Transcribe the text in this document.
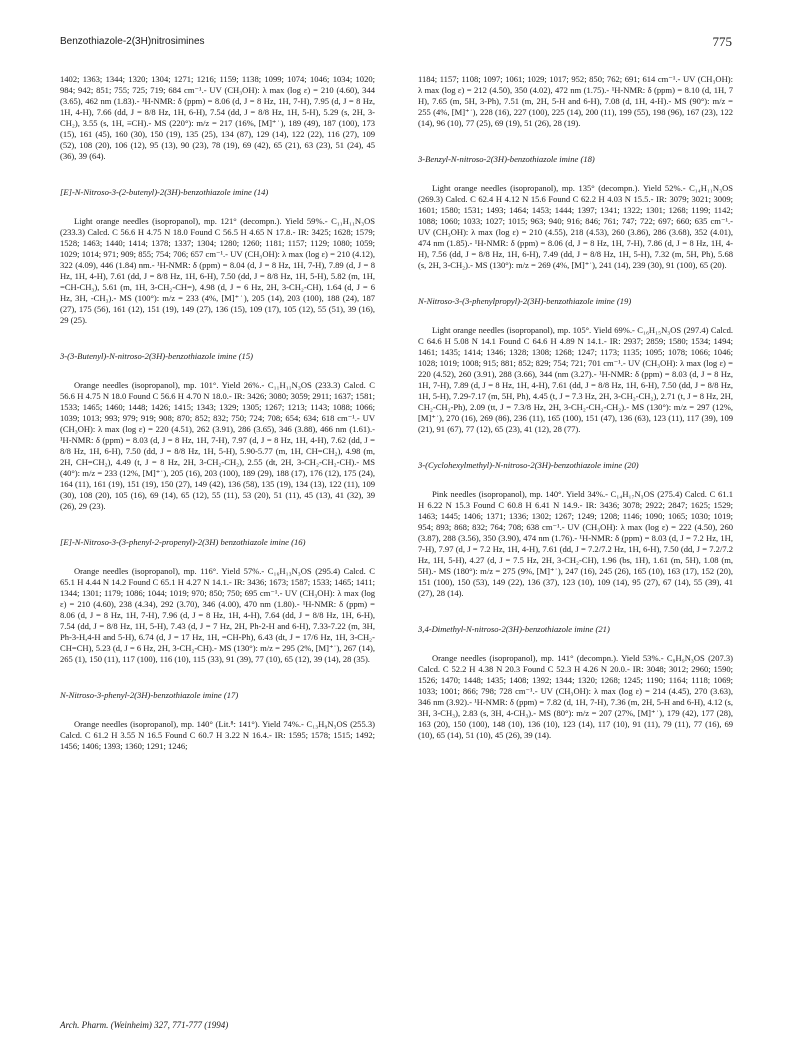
Benzothiazole-2(3H)nitrosimines	775

1402; 1363; 1344; 1320; 1304; 1271; 1216; 1159; 1138; 1099; 1074; 1046; 1034; 1020; 984; 942; 851; 755; 725; 719; 684 cm⁻¹.- UV (CH₃OH): λ max (log ε) = 210 (4.60), 344 (3.65), 462 nm (1.83).- ¹H-NMR: δ (ppm) = 8.06 (d, J = 8 Hz, 1H, 7-H), 7.95 (d, J = 8 Hz, 1H, 4-H), 7.66 (dd, J = 8/8 Hz, 1H, 6-H), 7.54 (dd, J = 8/8 Hz, 1H, 5-H), 5.29 (s, 2H, 3-CH₂), 3.55 (s, 1H, ≡CH).- MS (220°): m/z = 217 (16%, [M]⁺˙), 189 (49), 187 (100), 173 (15), 161 (45), 160 (30), 150 (19), 135 (25), 134 (87), 129 (14), 122 (22), 116 (27), 109 (52), 108 (20), 106 (12), 95 (13), 90 (23), 78 (19), 69 (42), 65 (21), 63 (23), 51 (24), 45 (36), 39 (64).

[E]-N-Nitroso-3-(2-butenyl)-2(3H)-benzothiazole imine (14)

Light orange needles (isopropanol), mp. 121° (decompn.). Yield 59%.- C₁₁H₁₁N₃OS (233.3) Calcd. C 56.6 H 4.75 N 18.0 Found C 56.5 H 4.65 N 17.8.- IR: 3425; 1628; 1579; 1528; 1463; 1440; 1414; 1378; 1337; 1304; 1280; 1260; 1181; 1157; 1129; 1080; 1059; 1029; 1014; 971; 909; 855; 754; 706; 657 cm⁻¹.- UV (CH₃OH): λ max (log ε) = 210 (4.12), 322 (4.09), 446 (1.84) nm.- ¹H-NMR: δ (ppm) = 8.04 (d, J = 8 Hz, 1H, 7-H), 7.89 (d, J = 8 Hz, 1H, 4-H), 7.61 (dd, J = 8/8 Hz, 1H, 6-H), 7.50 (dd, J = 8/8 Hz, 1H, 5-H), 5.82 (m, 1H, =CH-CH₃), 5.61 (m, 1H, 3-CH₂-CH=), 4.98 (d, J = 6 Hz, 2H, 3-CH₂-CH), 1.64 (d, J = 6 Hz, 3H, -CH₃).- MS (100°): m/z = 233 (4%, [M]⁺˙), 205 (14), 203 (100), 188 (24), 187 (27), 175 (56), 161 (12), 151 (19), 149 (27), 136 (15), 109 (17), 105 (12), 55 (51), 39 (16), 29 (25).

3-(3-Butenyl)-N-nitroso-2(3H)-benzothiazole imine (15)

Orange needles (isopropanol), mp. 101°. Yield 26%.- C₁₁H₁₁N₃OS (233.3) Calcd. C 56.6 H 4.75 N 18.0 Found C 56.6 H 4.70 N 18.0.- IR: 3426; 3080; 3059; 2911; 1637; 1581; 1533; 1465; 1460; 1448; 1426; 1415; 1343; 1329; 1305; 1267; 1213; 1143; 1088; 1066; 1039; 1013; 993; 979; 919; 908; 870; 852; 832; 750; 724; 708; 654; 634; 618 cm⁻¹.- UV (CH₃OH): λ max (log ε) = 220 (4.51), 262 (3.91), 286 (3.65), 346 (3.88), 466 nm (1.61).- ¹H-NMR: δ (ppm) = 8.03 (d, J = 8 Hz, 1H, 7-H), 7.97 (d, J = 8 Hz, 1H, 4-H), 7.62 (dd, J = 8/8 Hz, 1H, 6-H), 7.50 (dd, J = 8/8 Hz, 1H, 5-H), 5.90-5.77 (m, 1H, CH=CH₂), 4.98 (m, 2H, CH=CH₂), 4.49 (t, J = 8 Hz, 2H, 3-CH₂-CH₂), 2.55 (dt, 2H, 3-CH₂-CH₂-CH).- MS (40°): m/z = 233 (12%, [M]⁺˙), 205 (16), 203 (100), 189 (29), 188 (17), 176 (12), 175 (24), 164 (11), 161 (19), 151 (19), 150 (27), 149 (42), 136 (58), 135 (19), 134 (13), 122 (11), 109 (30), 108 (20), 105 (16), 69 (14), 65 (12), 55 (11), 53 (20), 51 (11), 45 (13), 41 (32), 39 (26), 29 (23).

[E]-N-Nitroso-3-(3-phenyl-2-propenyl)-2(3H) benzothiazole imine (16)

Orange needles (isopropanol), mp. 116°. Yield 57%.- C₁₆H₁₃N₃OS (295.4) Calcd. C 65.1 H 4.44 N 14.2 Found C 65.1 H 4.27 N 14.1.- IR: 3436; 1673; 1587; 1533; 1465; 1411; 1344; 1301; 1179; 1086; 1044; 1019; 970; 850; 750; 695 cm⁻¹.- UV (CH₃OH): λ max (log ε) = 210 (4.60), 238 (4.34), 292 (3.70), 346 (4.00), 470 nm (1.80).- ¹H-NMR: δ (ppm) = 8.06 (d, J = 8 Hz, 1H, 7-H), 7.96 (d, J = 8 Hz, 1H, 4-H), 7.64 (dd, J = 8/8 Hz, 1H, 6-H), 7.54 (dd, J = 8/8 Hz, 1H, 5-H), 7.43 (d, J = 7 Hz, 2H, Ph-2-H and 6-H), 7.33-7.22 (m, 3H, Ph-3-H,4-H and 5-H), 6.74 (d, J = 17 Hz, 1H, =CH-Ph), 6.43 (dt, J = 17/6 Hz, 1H, 3-CH₂-CH=CH), 5.23 (d, J = 6 Hz, 2H, 3-CH₂-CH).- MS (130°): m/z = 295 (2%, [M]⁺˙), 267 (14), 265 (1), 150 (11), 117 (100), 116 (10), 115 (33), 91 (39), 77 (10), 65 (12), 39 (14), 28 (35).

N-Nitroso-3-phenyl-2(3H)-benzothiazole imine (17)

Orange needles (isopropanol), mp. 140° (Lit.⁸: 141°). Yield 74%.- C₁₃H₉N₃OS (255.3) Calcd. C 61.2 H 3.55 N 16.5 Found C 60.7 H 3.22 N 16.4.- IR: 1595; 1578; 1515; 1492; 1456; 1406; 1393; 1360; 1291; 1246;

1184; 1157; 1108; 1097; 1061; 1029; 1017; 952; 850; 762; 691; 614 cm⁻¹.- UV (CH₃OH): λ max (log ε) = 212 (4.50), 350 (4.02), 472 nm (1.75).- ¹H-NMR: δ (ppm) = 8.10 (d, 1H, 7 H), 7.65 (m, 5H, 3-Ph), 7.51 (m, 2H, 5-H and 6-H), 7.08 (d, 1H, 4-H).- MS (90°): m/z = 255 (4%, [M]⁺˙), 228 (16), 227 (100), 225 (14), 200 (11), 199 (55), 198 (96), 167 (23), 122 (14), 96 (10), 77 (25), 69 (19), 51 (26), 28 (19).

3-Benzyl-N-nitroso-2(3H)-benzothiazole imine (18)

Light orange needles (isopropanol), mp. 135° (decompn.). Yield 52%.- C₁₄H₁₁N₃OS (269.3) Calcd. C 62.4 H 4.12 N 15.6 Found C 62.2 H 4.03 N 15.5.- IR: 3079; 3021; 3009; 1601; 1580; 1531; 1493; 1464; 1453; 1444; 1397; 1341; 1322; 1301; 1268; 1199; 1142; 1088; 1060; 1033; 1027; 1015; 963; 940; 916; 846; 761; 747; 722; 697; 660; 635 cm⁻¹.- UV (CH₃OH): λ max (log ε) = 210 (4.55), 218 (4.53), 260 (3.86), 286 (3.68), 352 (4.01), 474 nm (1.85).- ¹H-NMR: δ (ppm) = 8.06 (d, J = 8 Hz, 1H, 7-H), 7.86 (d, J = 8 Hz, 1H, 4-H), 7.56 (dd, J = 8/8 Hz, 1H, 6-H), 7.49 (dd, J = 8/8 Hz, 1H, 5-H), 7.32 (m, 5H, Ph), 5.68 (s, 2H, 3-CH₂).- MS (130°): m/z = 269 (4%, [M]⁺˙), 241 (14), 239 (30), 91 (100), 65 (20).

N-Nitroso-3-(3-phenylpropyl)-2(3H)-benzothiazole imine (19)

Light orange needles (isopropanol), mp. 105°. Yield 69%.- C₁₆H₁₅N₃OS (297.4) Calcd. C 64.6 H 5.08 N 14.1 Found C 64.6 H 4.89 N 14.1.- IR: 2937; 2859; 1580; 1534; 1494; 1461; 1435; 1414; 1346; 1328; 1308; 1268; 1247; 1173; 1135; 1095; 1078; 1066; 1046; 1028; 1019; 1008; 915; 881; 852; 829; 754; 721; 701 cm⁻¹.- UV (CH₃OH): λ max (log ε) = 220 (4.52), 260 (3.91), 288 (3.66), 344 (nm (3.27).- ¹H-NMR: δ (ppm) = 8.03 (d, J = 8 Hz, 1H, 7-H), 7.89 (d, J = 8 Hz, 1H, 4-H), 7.61 (dd, J = 8/8 Hz, 1H, 6-H), 7.50 (dd, J = 8/8 Hz, 1H, 5-H), 7.29-7.17 (m, 5H, Ph), 4.45 (t, J = 7.3 Hz, 2H, 3-CH₂-CH₂), 2.71 (t, J = 8 Hz, 2H, CH₂-CH₂-Ph), 2.09 (tt, J = 7.3/8 Hz, 2H, 3-CH₂-CH₂-CH₂).- MS (130°): m/z = 297 (12%, [M]⁺˙), 270 (16), 269 (86), 236 (11), 165 (100), 151 (47), 136 (63), 123 (11), 117 (39), 109 (21), 91 (67), 77 (12), 65 (23), 41 (12), 28 (77).

3-(Cyclohexylmethyl)-N-nitroso-2(3H)-benzothiazole imine (20)

Pink needles (isopropanol), mp. 140°. Yield 34%.- C₁₄H₁₇N₃OS (275.4) Calcd. C 61.1 H 6.22 N 15.3 Found C 60.8 H 6.41 N 14.9.- IR: 3436; 3078; 2922; 2847; 1625; 1529; 1463; 1445; 1406; 1371; 1336; 1302; 1267; 1249; 1208; 1146; 1090; 1065; 1030; 1019; 954; 893; 868; 832; 764; 708; 638 cm⁻¹.- UV (CH₃OH): λ max (log ε) = 222 (4.50), 260 (3.87), 288 (3.56), 350 (3.90), 474 nm (1.76).- ¹H-NMR: δ (ppm) = 8.03 (d, J = 7.2 Hz, 1H, 7-H), 7.97 (d, J = 7.2 Hz, 1H, 4-H), 7.61 (dd, J = 7.2/7.2 Hz, 1H, 6-H), 7.50 (dd, J = 7.2/7.2 Hz, 1H, 5-H), 4.27 (d, J = 7.5 Hz, 2H, 3-CH₂-CH), 1.96 (bs, 1H), 1.61 (m, 5H), 1.08 (m, 5H).- MS (180°): m/z = 275 (9%, [M]⁺˙), 247 (16), 245 (26), 165 (10), 163 (17), 152 (20), 151 (100), 150 (53), 149 (22), 136 (37), 123 (10), 109 (14), 95 (27), 67 (14), 55 (39), 41 (27), 28 (14).

3,4-Dimethyl-N-nitroso-2(3H)-benzothiazole imine (21)

Orange needles (isopropanol), mp. 141° (decompn.). Yield 53%.- C₉H₉N₃OS (207.3) Calcd. C 52.2 H 4.38 N 20.3 Found C 52.3 H 4.26 N 20.0.- IR: 3048; 3012; 2960; 1590; 1526; 1470; 1448; 1435; 1408; 1392; 1344; 1320; 1268; 1245; 1190; 1164; 1118; 1069; 1033; 1001; 866; 798; 728 cm⁻¹.- UV (CH₃OH): λ max (log ε) = 214 (4.45), 270 (3.63), 346 nm (3.92).- ¹H-NMR: δ (ppm) = 7.82 (d, 1H, 7-H), 7.36 (m, 2H, 5-H and 6-H), 4.12 (s, 3H, 3-CH₃), 2.83 (s, 3H, 4-CH₃).- MS (80°): m/z = 207 (27%, [M]⁺˙), 179 (42), 177 (28), 163 (20), 150 (100), 148 (10), 136 (10), 123 (14), 117 (10), 91 (11), 79 (11), 77 (16), 69 (10), 65 (14), 51 (10), 45 (26), 39 (14).

Arch. Pharm. (Weinheim) 327, 771-777 (1994)
